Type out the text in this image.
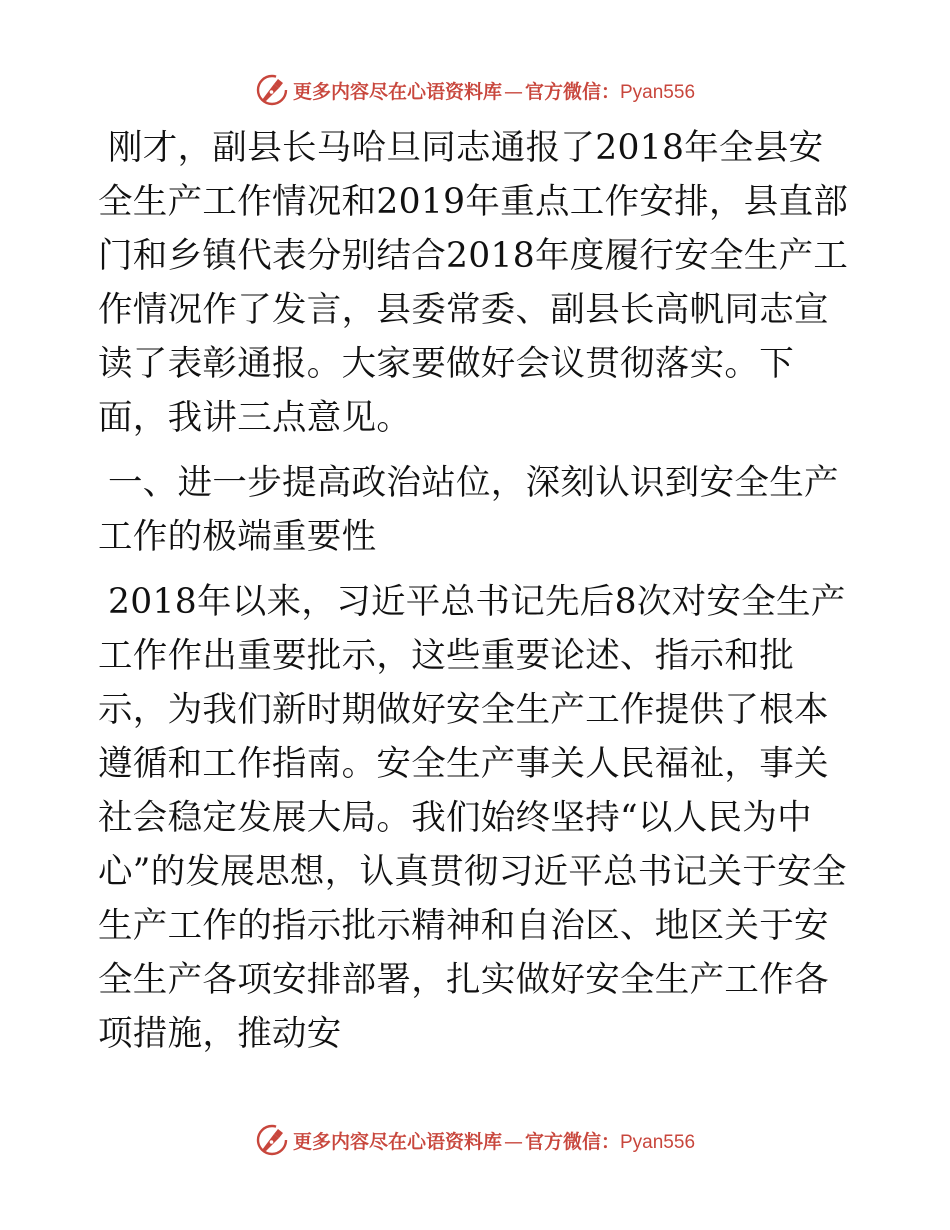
更多内容尽在心语资料库 — 官方微信：Pyan556

刚才，副县长马哈旦同志通报了2018年全县安全生产工作情况和2019年重点工作安排，县直部门和乡镇代表分别结合2018年度履行安全生产工作情况作了发言，县委常委、副县长高帆同志宣读了表彰通报。大家要做好会议贯彻落实。下面，我讲三点意见。

一、进一步提高政治站位，深刻认识到安全生产工作的极端重要性

2018年以来，习近平总书记先后8次对安全生产工作作出重要批示，这些重要论述、指示和批示，为我们新时期做好安全生产工作提供了根本遵循和工作指南。安全生产事关人民福祉，事关社会稳定发展大局。我们始终坚持“以人民为中心”的发展思想，认真贯彻习近平总书记关于安全生产工作的指示批示精神和自治区、地区关于安全生产各项安排部署，扎实做好安全生产工作各项措施，推动安

更多内容尽在心语资料库 — 官方微信：Pyan556
